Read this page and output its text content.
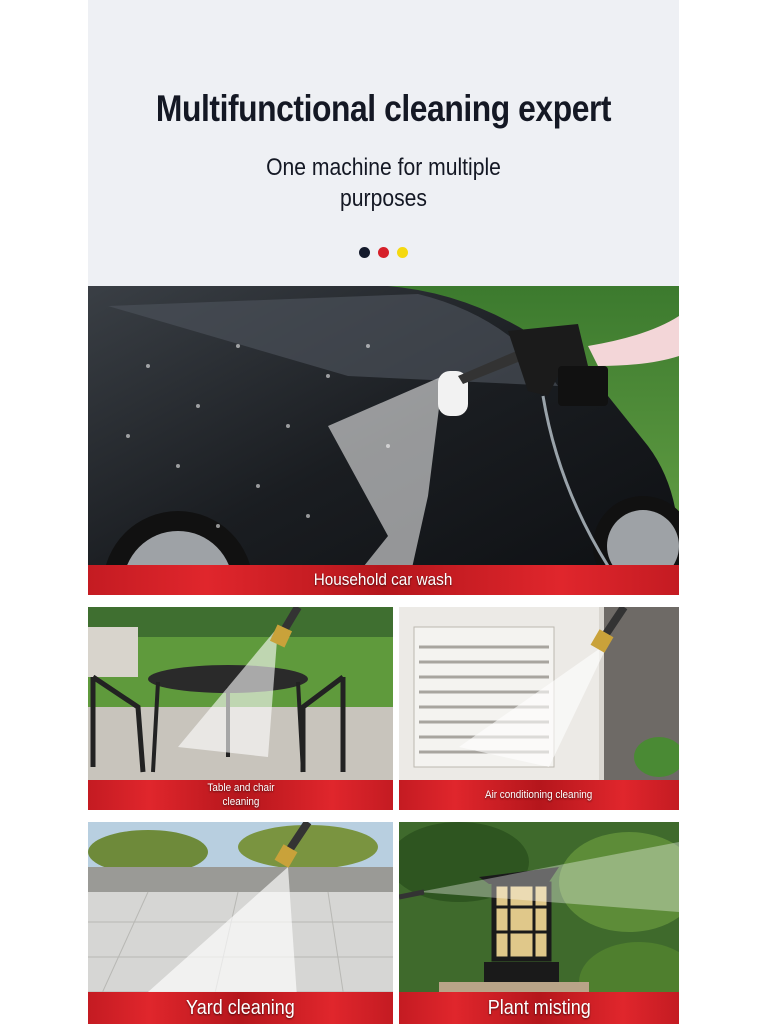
Multifunctional cleaning expert
One machine for multiple
purposes
Household car wash
Table and chair cleaning
Air conditioning cleaning
Yard cleaning	Plant misting
